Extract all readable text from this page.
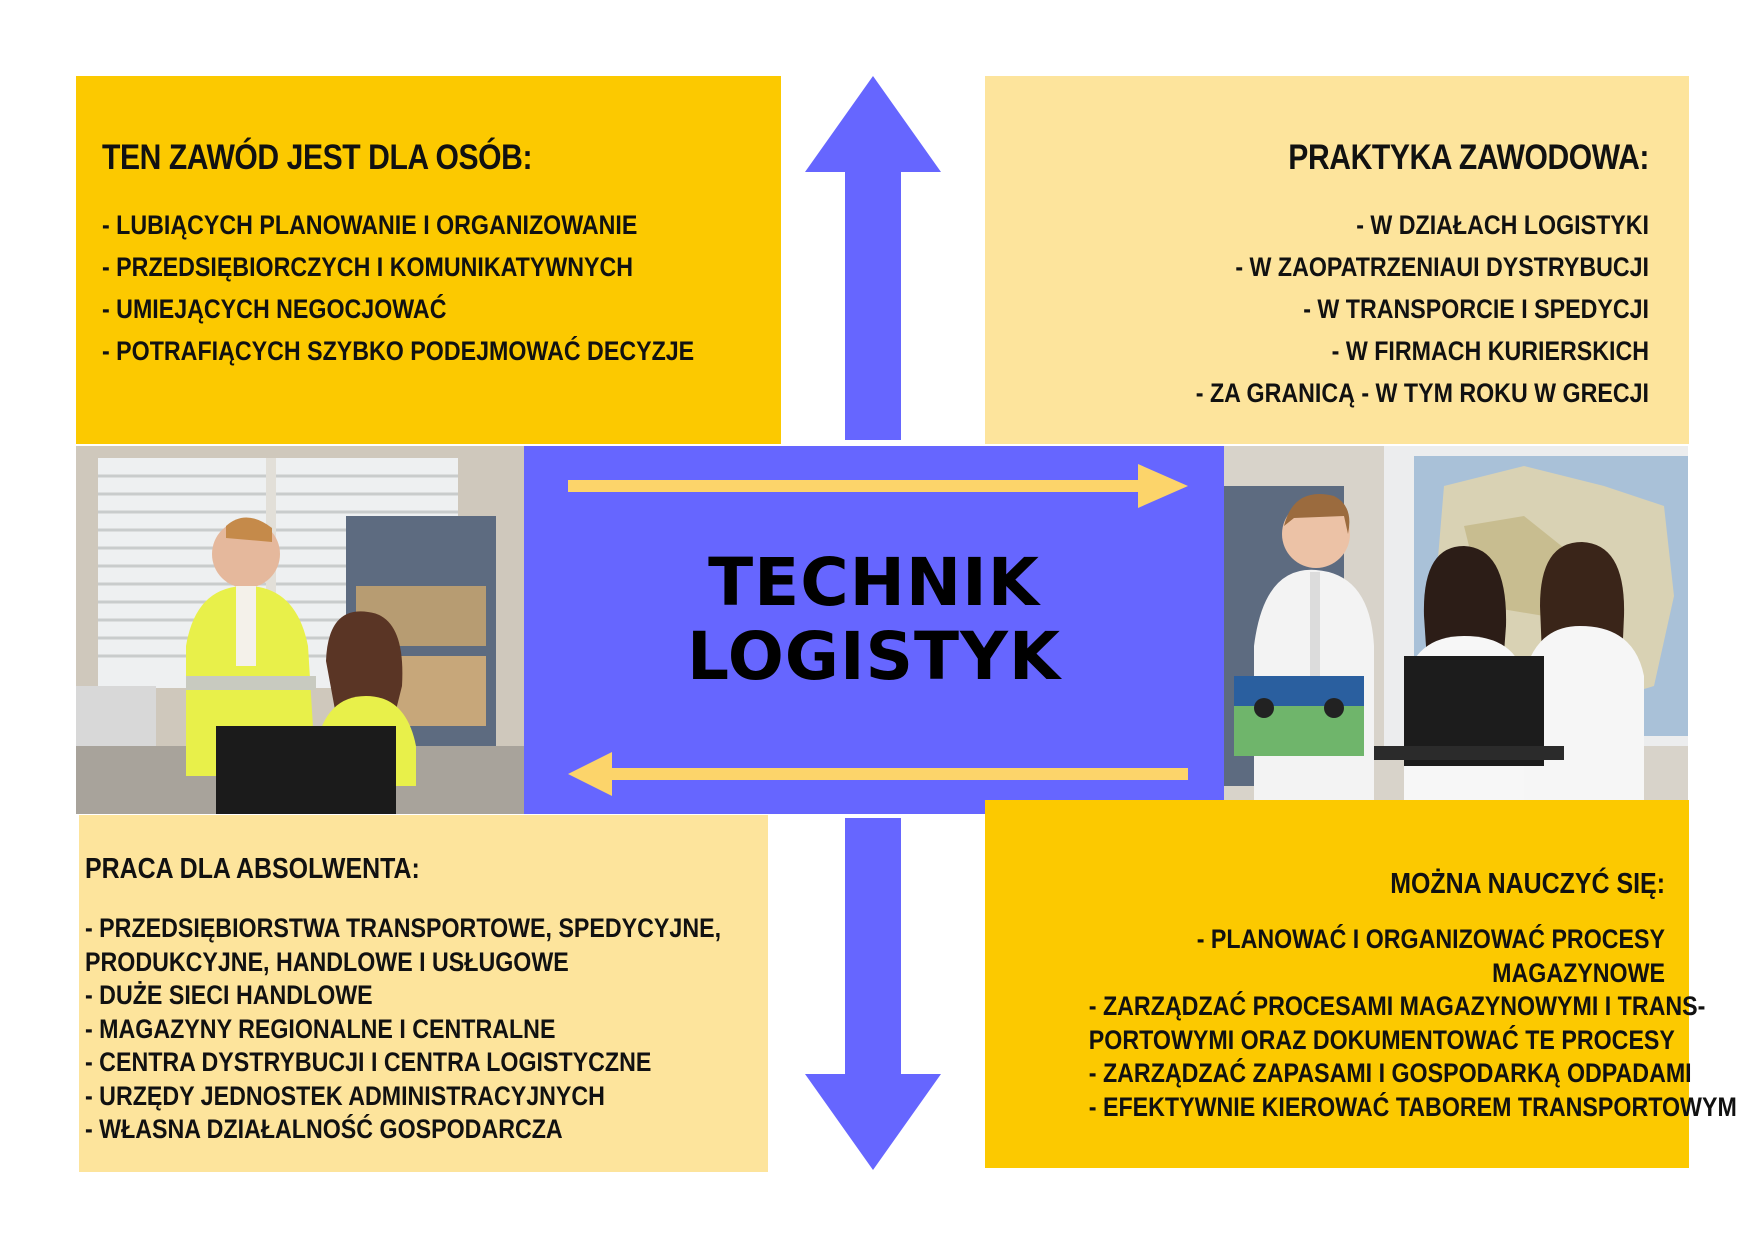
TEN ZAWÓD JEST DLA OSÓB:
- LUBIĄCYCH PLANOWANIE I ORGANIZOWANIE
- PRZEDSIĘBIORCZYCH I KOMUNIKATYWNYCH
- UMIEJĄCYCH NEGOCJOWAĆ
- POTRAFIĄCYCH SZYBKO PODEJMOWAĆ DECYZJE
PRAKTYKA ZAWODOWA:
- W DZIAŁACH LOGISTYKI
- W ZAOPATRZENIAUI DYSTRYBUCJI
- W TRANSPORCIE I SPEDYCJI
- W FIRMACH KURIERSKICH
- ZA GRANICĄ - W TYM ROKU W GRECJI
TECHNIK
LOGISTYK
PRACA DLA ABSOLWENTA:
- PRZEDSIĘBIORSTWA TRANSPORTOWE, SPEDYCYJNE,
PRODUKCYJNE, HANDLOWE I USŁUGOWE
- DUŻE SIECI HANDLOWE
- MAGAZYNY REGIONALNE I CENTRALNE
- CENTRA DYSTRYBUCJI I CENTRA LOGISTYCZNE
- URZĘDY JEDNOSTEK ADMINISTRACYJNYCH
- WŁASNA DZIAŁALNOŚĆ GOSPODARCZA
MOŻNA NAUCZYĆ SIĘ:
- PLANOWAĆ I ORGANIZOWAĆ PROCESY
MAGAZYNOWE
- ZARZĄDZAĆ PROCESAMI MAGAZYNOWYMI I TRANS-
PORTOWYMI ORAZ DOKUMENTOWAĆ TE PROCESY
- ZARZĄDZAĆ ZAPASAMI I GOSPODARKĄ ODPADAMI
- EFEKTYWNIE KIEROWAĆ TABOREM TRANSPORTOWYM
